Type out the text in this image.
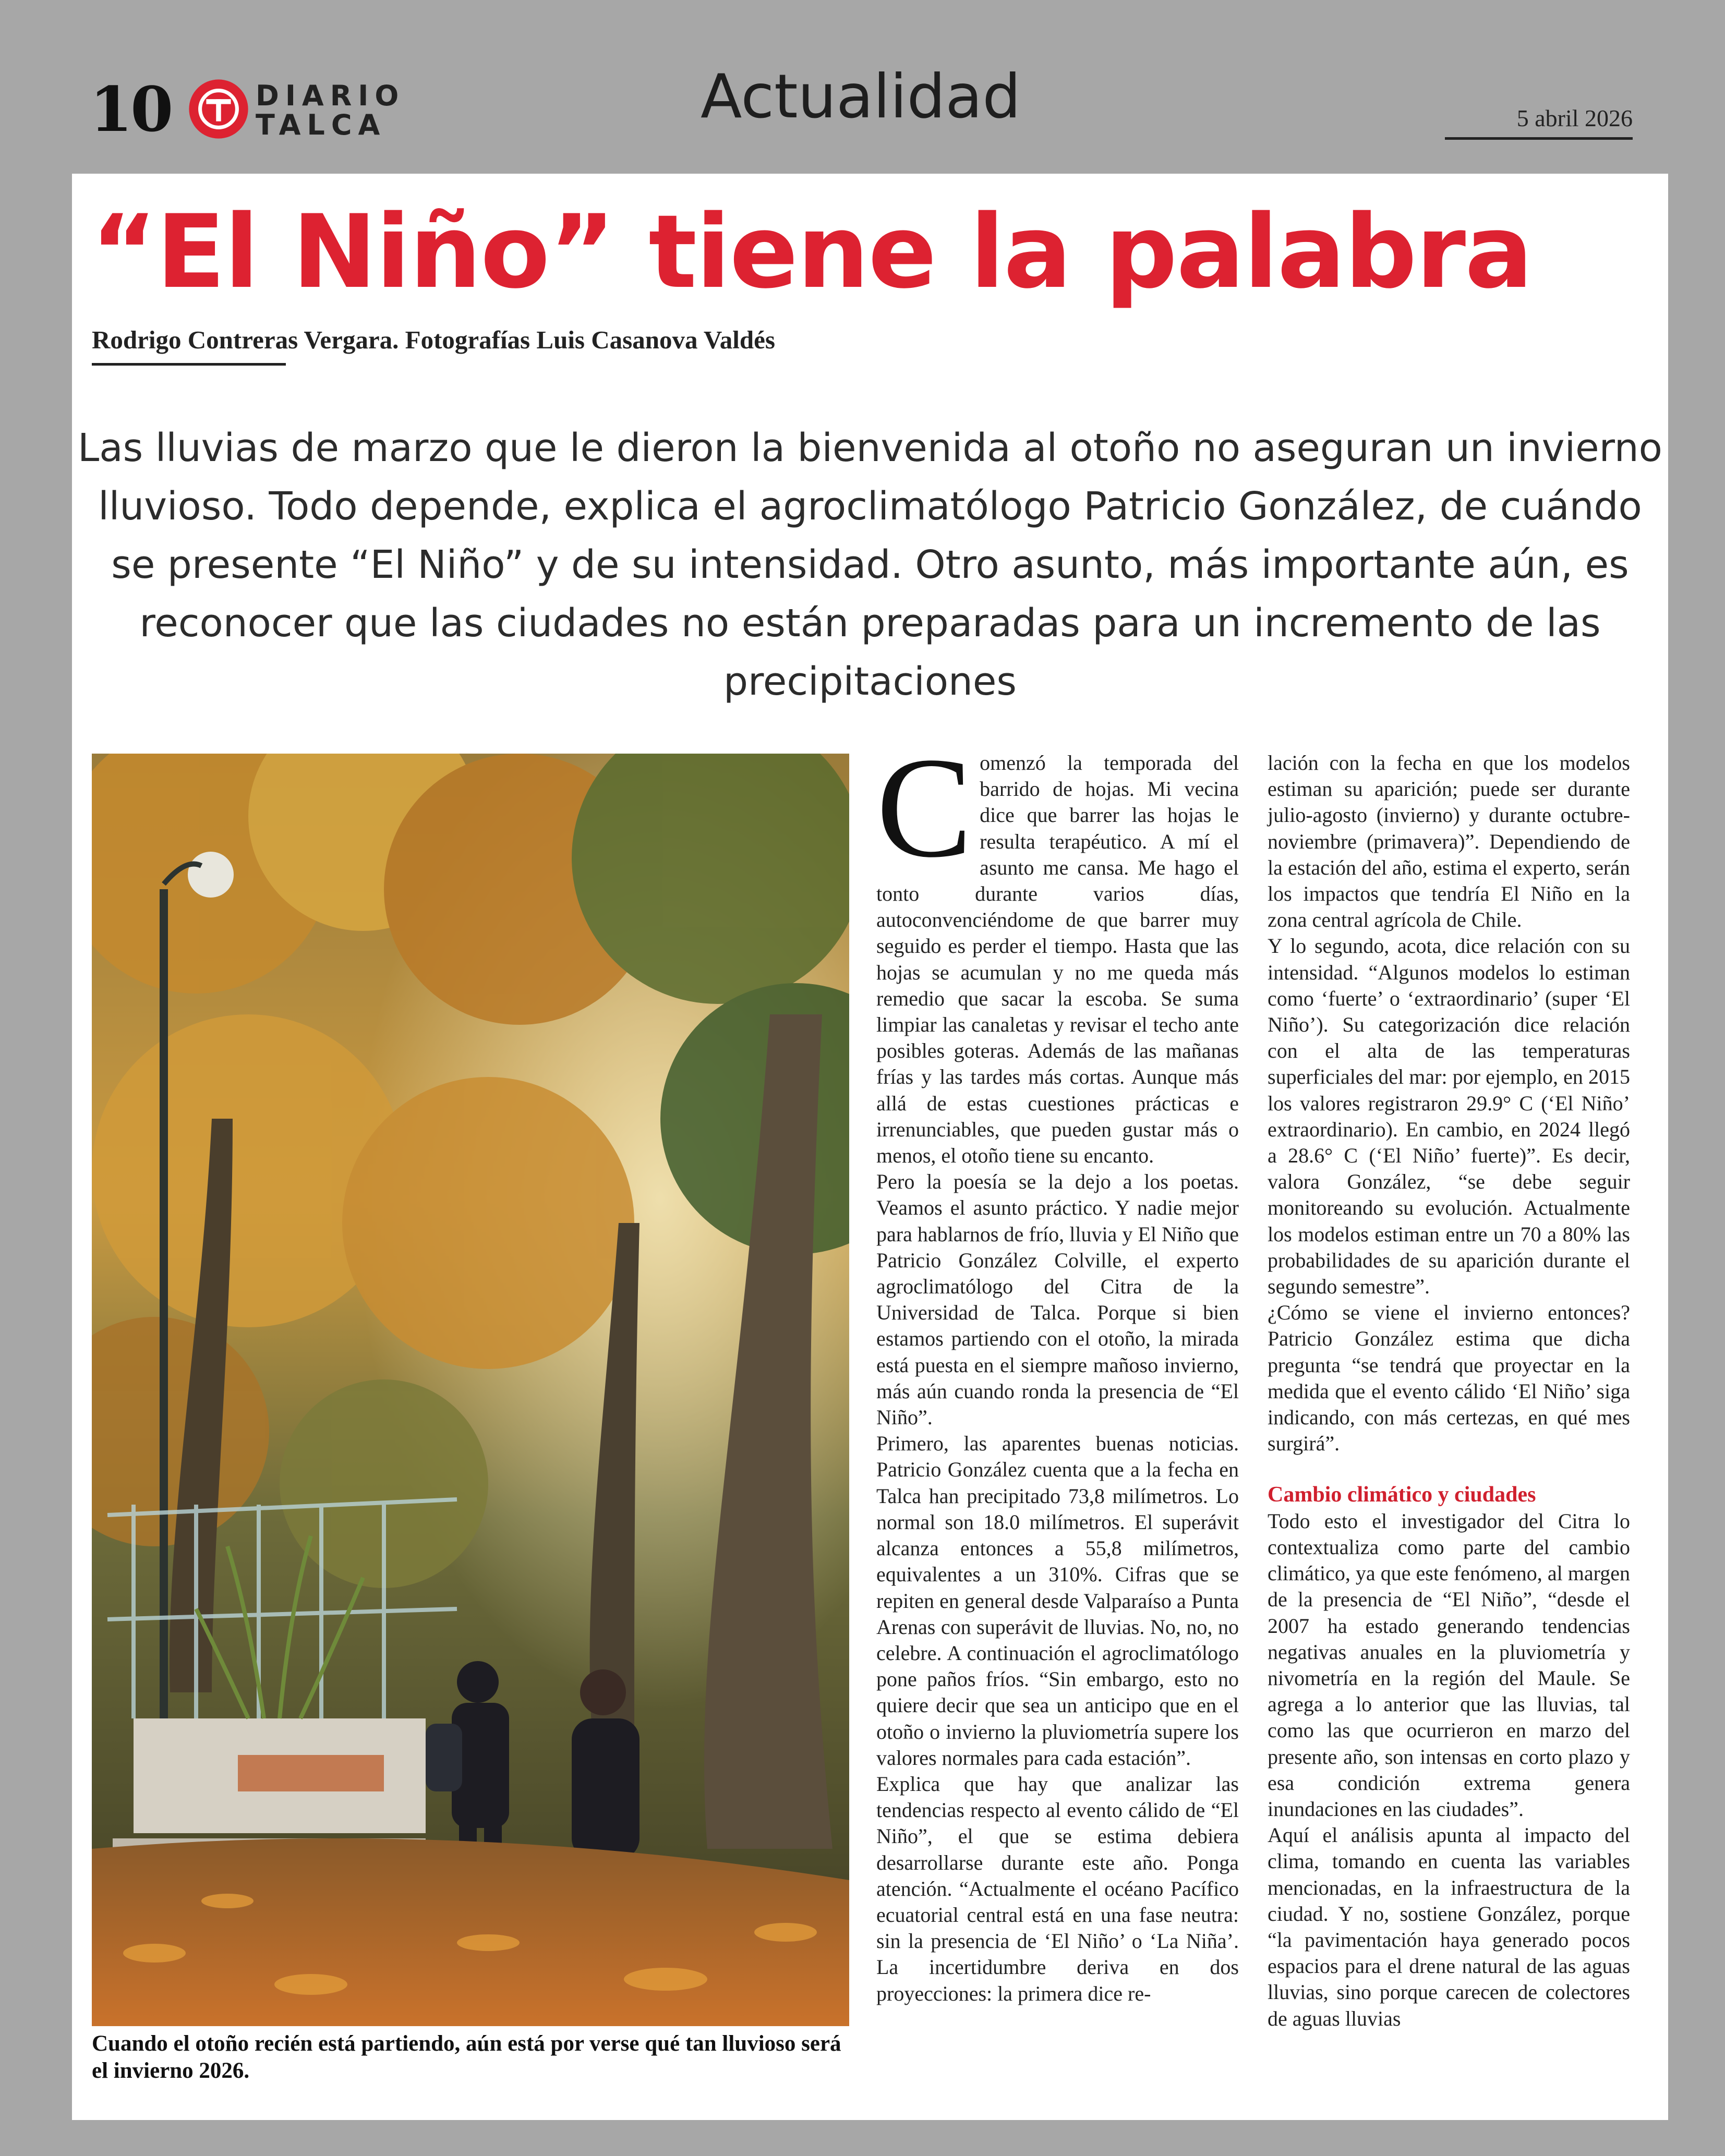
10	DIARIO
TALCA	Actualidad	5 abril 2026
“El Niño” tiene la palabra
Rodrigo Contreras Vergara. Fotografías Luis Casanova Valdés
Las lluvias de marzo que le dieron la bienvenida al otoño no aseguran un invierno lluvioso. Todo depende, explica el agroclimatólogo Patricio González, de cuándo se presente “El Niño” y de su intensidad. Otro asunto, más importante aún, es reconocer que las ciudades no están preparadas para un incremento de las precipitaciones
Cuando el otoño recién está partiendo, aún está por verse qué tan lluvioso será el invierno 2026.
C omenzó la temporada del barrido de hojas. Mi vecina dice que barrer las hojas le resulta terapéutico. A mí el asunto me cansa. Me hago el tonto durante varios días, autoconvenciéndome de que barrer muy seguido es perder el tiempo. Hasta que las hojas se acumulan y no me queda más remedio que sacar la escoba. Se suma limpiar las canaletas y revisar el techo ante posibles goteras. Además de las mañanas frías y las tardes más cortas. Aunque más allá de estas cuestiones prácticas e irrenunciables, que pueden gustar más o menos, el otoño tiene su encanto.

Pero la poesía se la dejo a los poetas. Veamos el asunto práctico. Y nadie mejor para hablarnos de frío, lluvia y El Niño que Patricio González Colville, el experto agroclimatólogo del Citra de la Universidad de Talca. Porque si bien estamos partiendo con el otoño, la mirada está puesta en el siempre mañoso invierno, más aún cuando ronda la presencia de “El Niño”.

Primero, las aparentes buenas noticias. Patricio González cuenta que a la fecha en Talca han precipitado 73,8 milímetros. Lo normal son 18.0 milímetros. El superávit alcanza entonces a 55,8 milímetros, equivalentes a un 310%. Cifras que se repiten en general desde Valparaíso a Punta Arenas con superávit de lluvias. No, no, no celebre. A continuación el agroclimatólogo pone paños fríos. “Sin embargo, esto no quiere decir que sea un anticipo que en el otoño o invierno la pluviometría supere los valores normales para cada estación”.

Explica que hay que analizar las tendencias respecto al evento cálido de “El Niño”, el que se estima debiera desarrollarse durante este año. Ponga atención. “Actualmente el océano Pacífico ecuatorial central está en una fase neutra: sin la presencia de ‘El Niño’ o ‘La Niña’. La incertidumbre deriva en dos proyecciones: la primera dice re-

lación con la fecha en que los modelos estiman su aparición; puede ser durante julio-agosto (invierno) y durante octubre-noviembre (primavera)”. Dependiendo de la estación del año, estima el experto, serán los impactos que tendría El Niño en la zona central agrícola de Chile.

Y lo segundo, acota, dice relación con su intensidad. “Algunos modelos lo estiman como ‘fuerte’ o ‘extraordinario’ (super ‘El Niño’). Su categorización dice relación con el alta de las temperaturas superficiales del mar: por ejemplo, en 2015 los valores registraron 29.9° C (‘El Niño’ extraordinario). En cambio, en 2024 llegó a 28.6° C (‘El Niño’ fuerte)”. Es decir, valora González, “se debe seguir monitoreando su evolución. Actualmente los modelos estiman entre un 70 a 80% las probabilidades de su aparición durante el segundo semestre”.

¿Cómo se viene el invierno entonces? Patricio González estima que dicha pregunta “se tendrá que proyectar en la medida que el evento cálido ‘El Niño’ siga indicando, con más certezas, en qué mes surgirá”.

Cambio climático y ciudades

Todo esto el investigador del Citra lo contextualiza como parte del cambio climático, ya que este fenómeno, al margen de la presencia de “El Niño”, “desde el 2007 ha estado generando tendencias negativas anuales en la pluviometría y nivometría en la región del Maule. Se agrega a lo anterior que las lluvias, tal como las que ocurrieron en marzo del presente año, son intensas en corto plazo y esa condición extrema genera inundaciones en las ciudades”.

Aquí el análisis apunta al impacto del clima, tomando en cuenta las variables mencionadas, en la infraestructura de la ciudad. Y no, sostiene González, porque “la pavimentación haya generado pocos espacios para el drene natural de las aguas lluvias, sino porque carecen de colectores de aguas lluvias
